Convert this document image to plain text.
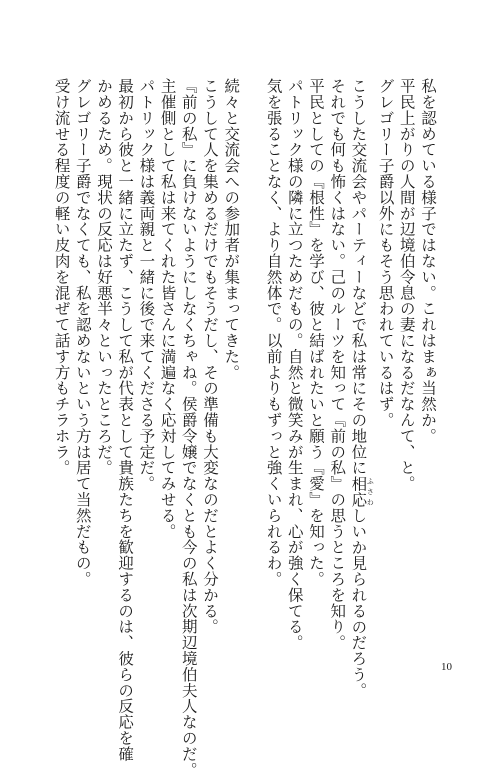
私を認めている様子ではない。これはまぁ当然か。
平民上がりの人間が辺境伯令息の妻になるだなんて、と。
グレゴリー子爵以外にもそう思われているはず。
こうした交流会やパーティーなどで私は常にその地位に相応 ふさわしいか見られるのだろう。
それでも何も怖くはない。己のルーツを知って『前の私』の思うところを知り。
平民としての『根性』を学び、彼と結ばれたいと願う『愛』を知った。
パトリック様の隣に立つためだもの。自然と微笑みが生まれ、心が強く保てる。
気を張ることなく、より自然体で。以前よりもずっと強くいられるわ。
続々と交流会への参加者が集まってきた。
こうして人を集めるだけでもそうだし、その準備も大変なのだとよく分かる。
『前の私』に負けないようにしなくちゃね。侯爵令嬢でなくとも今の私は次期辺境伯夫人なのだ。
主催側として私は来てくれた皆さんに満遍なく応対してみせる。
パトリック様は義両親と一緒に後で来てくださる予定だ。
最初から彼と一緒に立たず、こうして私が代表として貴族たちを歓迎するのは、彼らの反応を確
かめるため。現状の反応は好悪半々といったところだ。
グレゴリー子爵でなくても、私を認めないという方は居て当然だもの。
受け流せる程度の軽い皮肉を混ぜて話す方もチラホラ。
10
